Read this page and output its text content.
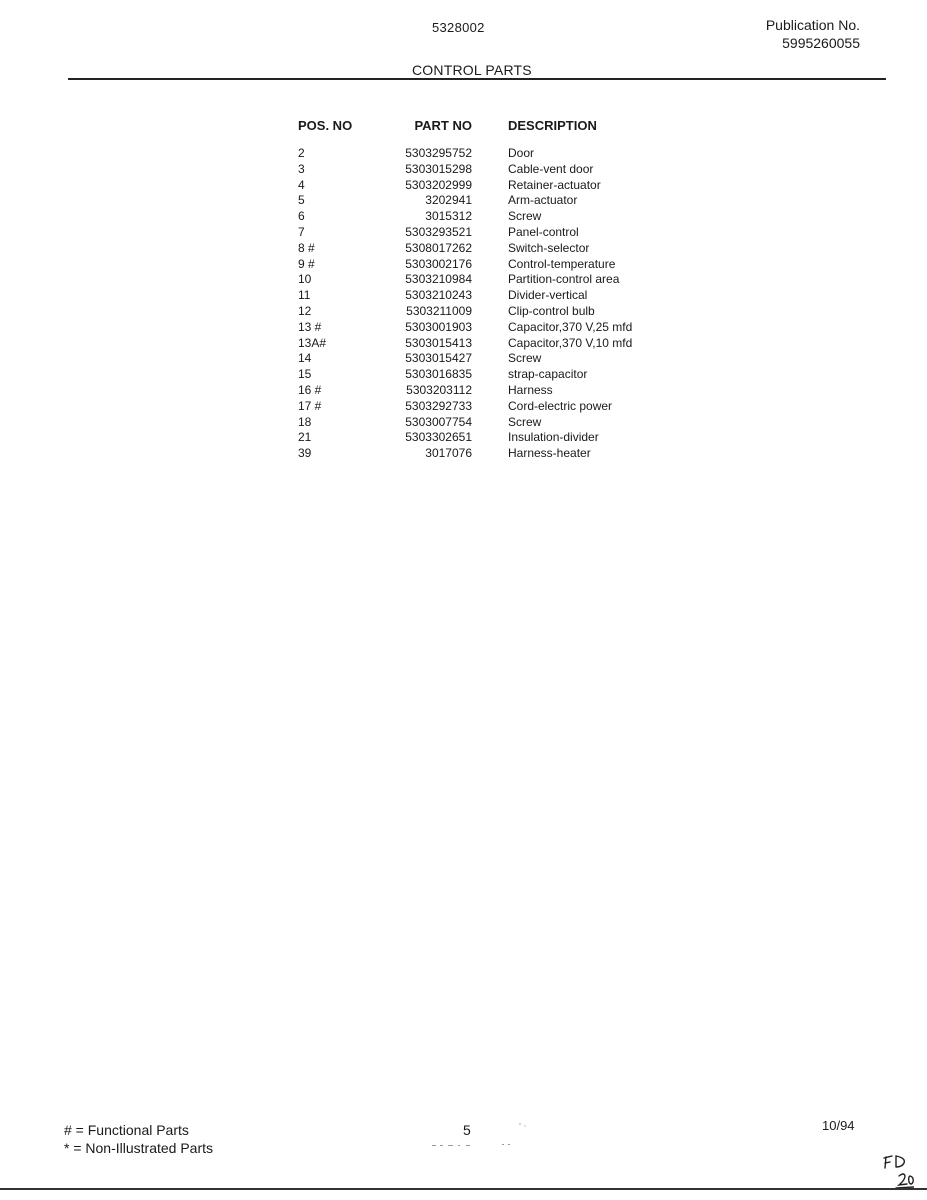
5328002	Publication No.
5995260055
CONTROL PARTS
POS. NO	PART NO	DESCRIPTION
2	5303295752	Door
3	5303015298	Cable-vent door
4	5303202999	Retainer-actuator
5	3202941	Arm-actuator
6	3015312	Screw
7	5303293521	Panel-control
8 #	5308017262	Switch-selector
9 #	5303002176	Control-temperature
10	5303210984	Partition-control area
11	5303210243	Divider-vertical
12	5303211009	Clip-control bulb
13 #	5303001903	Capacitor,370 V,25 mfd
13A#	5303015413	Capacitor,370 V,10 mfd
14	5303015427	Screw
15	5303016835	strap-capacitor
16 #	5303203112	Harness
17 #	5303292733	Cord-electric power
18	5303007754	Screw
21	5303302651	Insulation-divider
39	3017076	Harness-heater
# = Functional Parts
* = Non-Illustrated Parts
5	10/94
